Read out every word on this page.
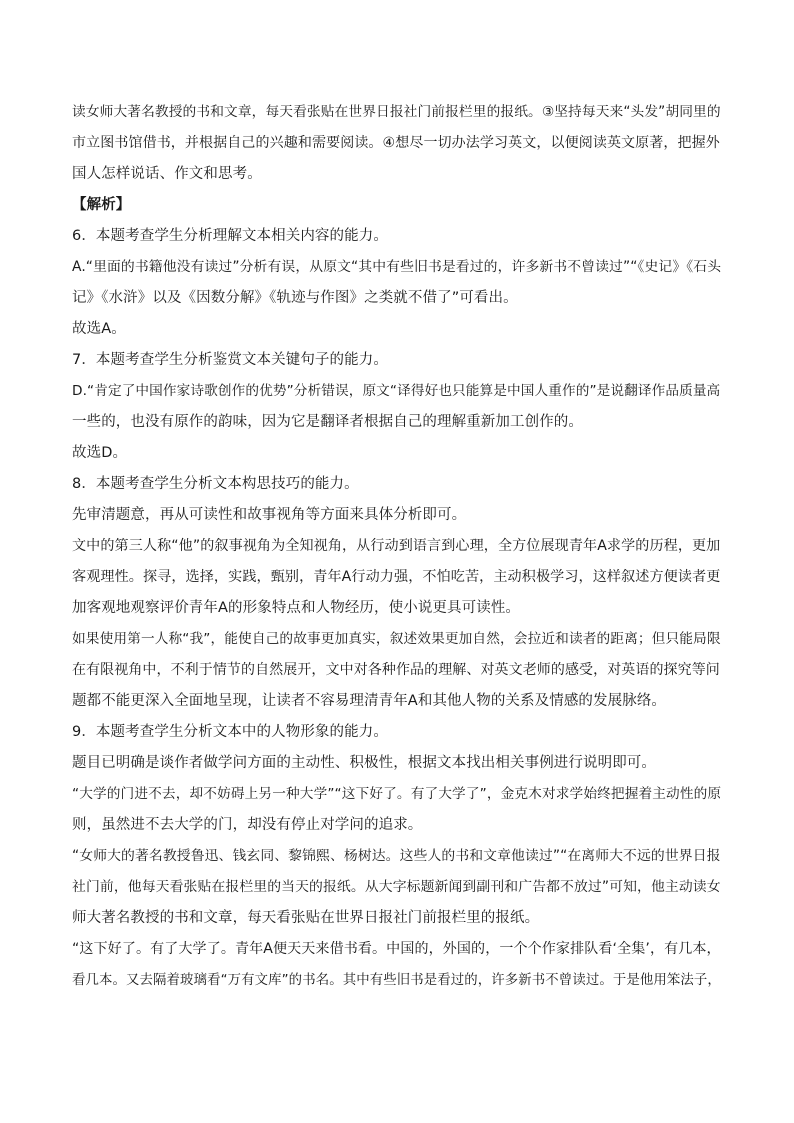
读女师大著名教授的书和文章，每天看张贴在世界日报社门前报栏里的报纸。③坚持每天来“头发”胡同里的
市立图书馆借书，并根据自己的兴趣和需要阅读。④想尽一切办法学习英文，以便阅读英文原著，把握外
国人怎样说话、作文和思考。
【解析】
6．本题考查学生分析理解文本相关内容的能力。
A.“里面的书籍他没有读过”分析有误，从原文“其中有些旧书是看过的，许多新书不曾读过”“《史记》《石头
记》《水浒》以及《因数分解》《轨迹与作图》之类就不借了”可看出。
故选A。
7．本题考查学生分析鉴赏文本关键句子的能力。
D.“肯定了中国作家诗歌创作的优势”分析错误，原文“译得好也只能算是中国人重作的”是说翻译作品质量高
一些的，也没有原作的韵味，因为它是翻译者根据自己的理解重新加工创作的。
故选D。
8．本题考查学生分析文本构思技巧的能力。
先审清题意，再从可读性和故事视角等方面来具体分析即可。
文中的第三人称“他”的叙事视角为全知视角，从行动到语言到心理，全方位展现青年A求学的历程，更加
客观理性。探寻，选择，实践，甄别，青年A行动力强，不怕吃苦，主动积极学习，这样叙述方便读者更
加客观地观察评价青年A的形象特点和人物经历，使小说更具可读性。
如果使用第一人称“我”，能使自己的故事更加真实，叙述效果更加自然，会拉近和读者的距离；但只能局限
在有限视角中，不利于情节的自然展开，文中对各种作品的理解、对英文老师的感受，对英语的探究等问
题都不能更深入全面地呈现，让读者不容易理清青年A和其他人物的关系及情感的发展脉络。
9．本题考查学生分析文本中的人物形象的能力。
题目已明确是谈作者做学问方面的主动性、积极性，根据文本找出相关事例进行说明即可。
“大学的门进不去，却不妨碍上另一种大学”“这下好了。有了大学了”，金克木对求学始终把握着主动性的原
则，虽然进不去大学的门，却没有停止对学问的追求。
“女师大的著名教授鲁迅、钱玄同、黎锦熙、杨树达。这些人的书和文章他读过”“在离师大不远的世界日报
社门前，他每天看张贴在报栏里的当天的报纸。从大字标题新闻到副刊和广告都不放过”可知，他主动读女
师大著名教授的书和文章，每天看张贴在世界日报社门前报栏里的报纸。
“这下好了。有了大学了。青年A便天天来借书看。中国的，外国的，一个个作家排队看‘全集’，有几本，
看几本。又去隔着玻璃看“万有文库”的书名。其中有些旧书是看过的，许多新书不曾读过。于是他用笨法子，
